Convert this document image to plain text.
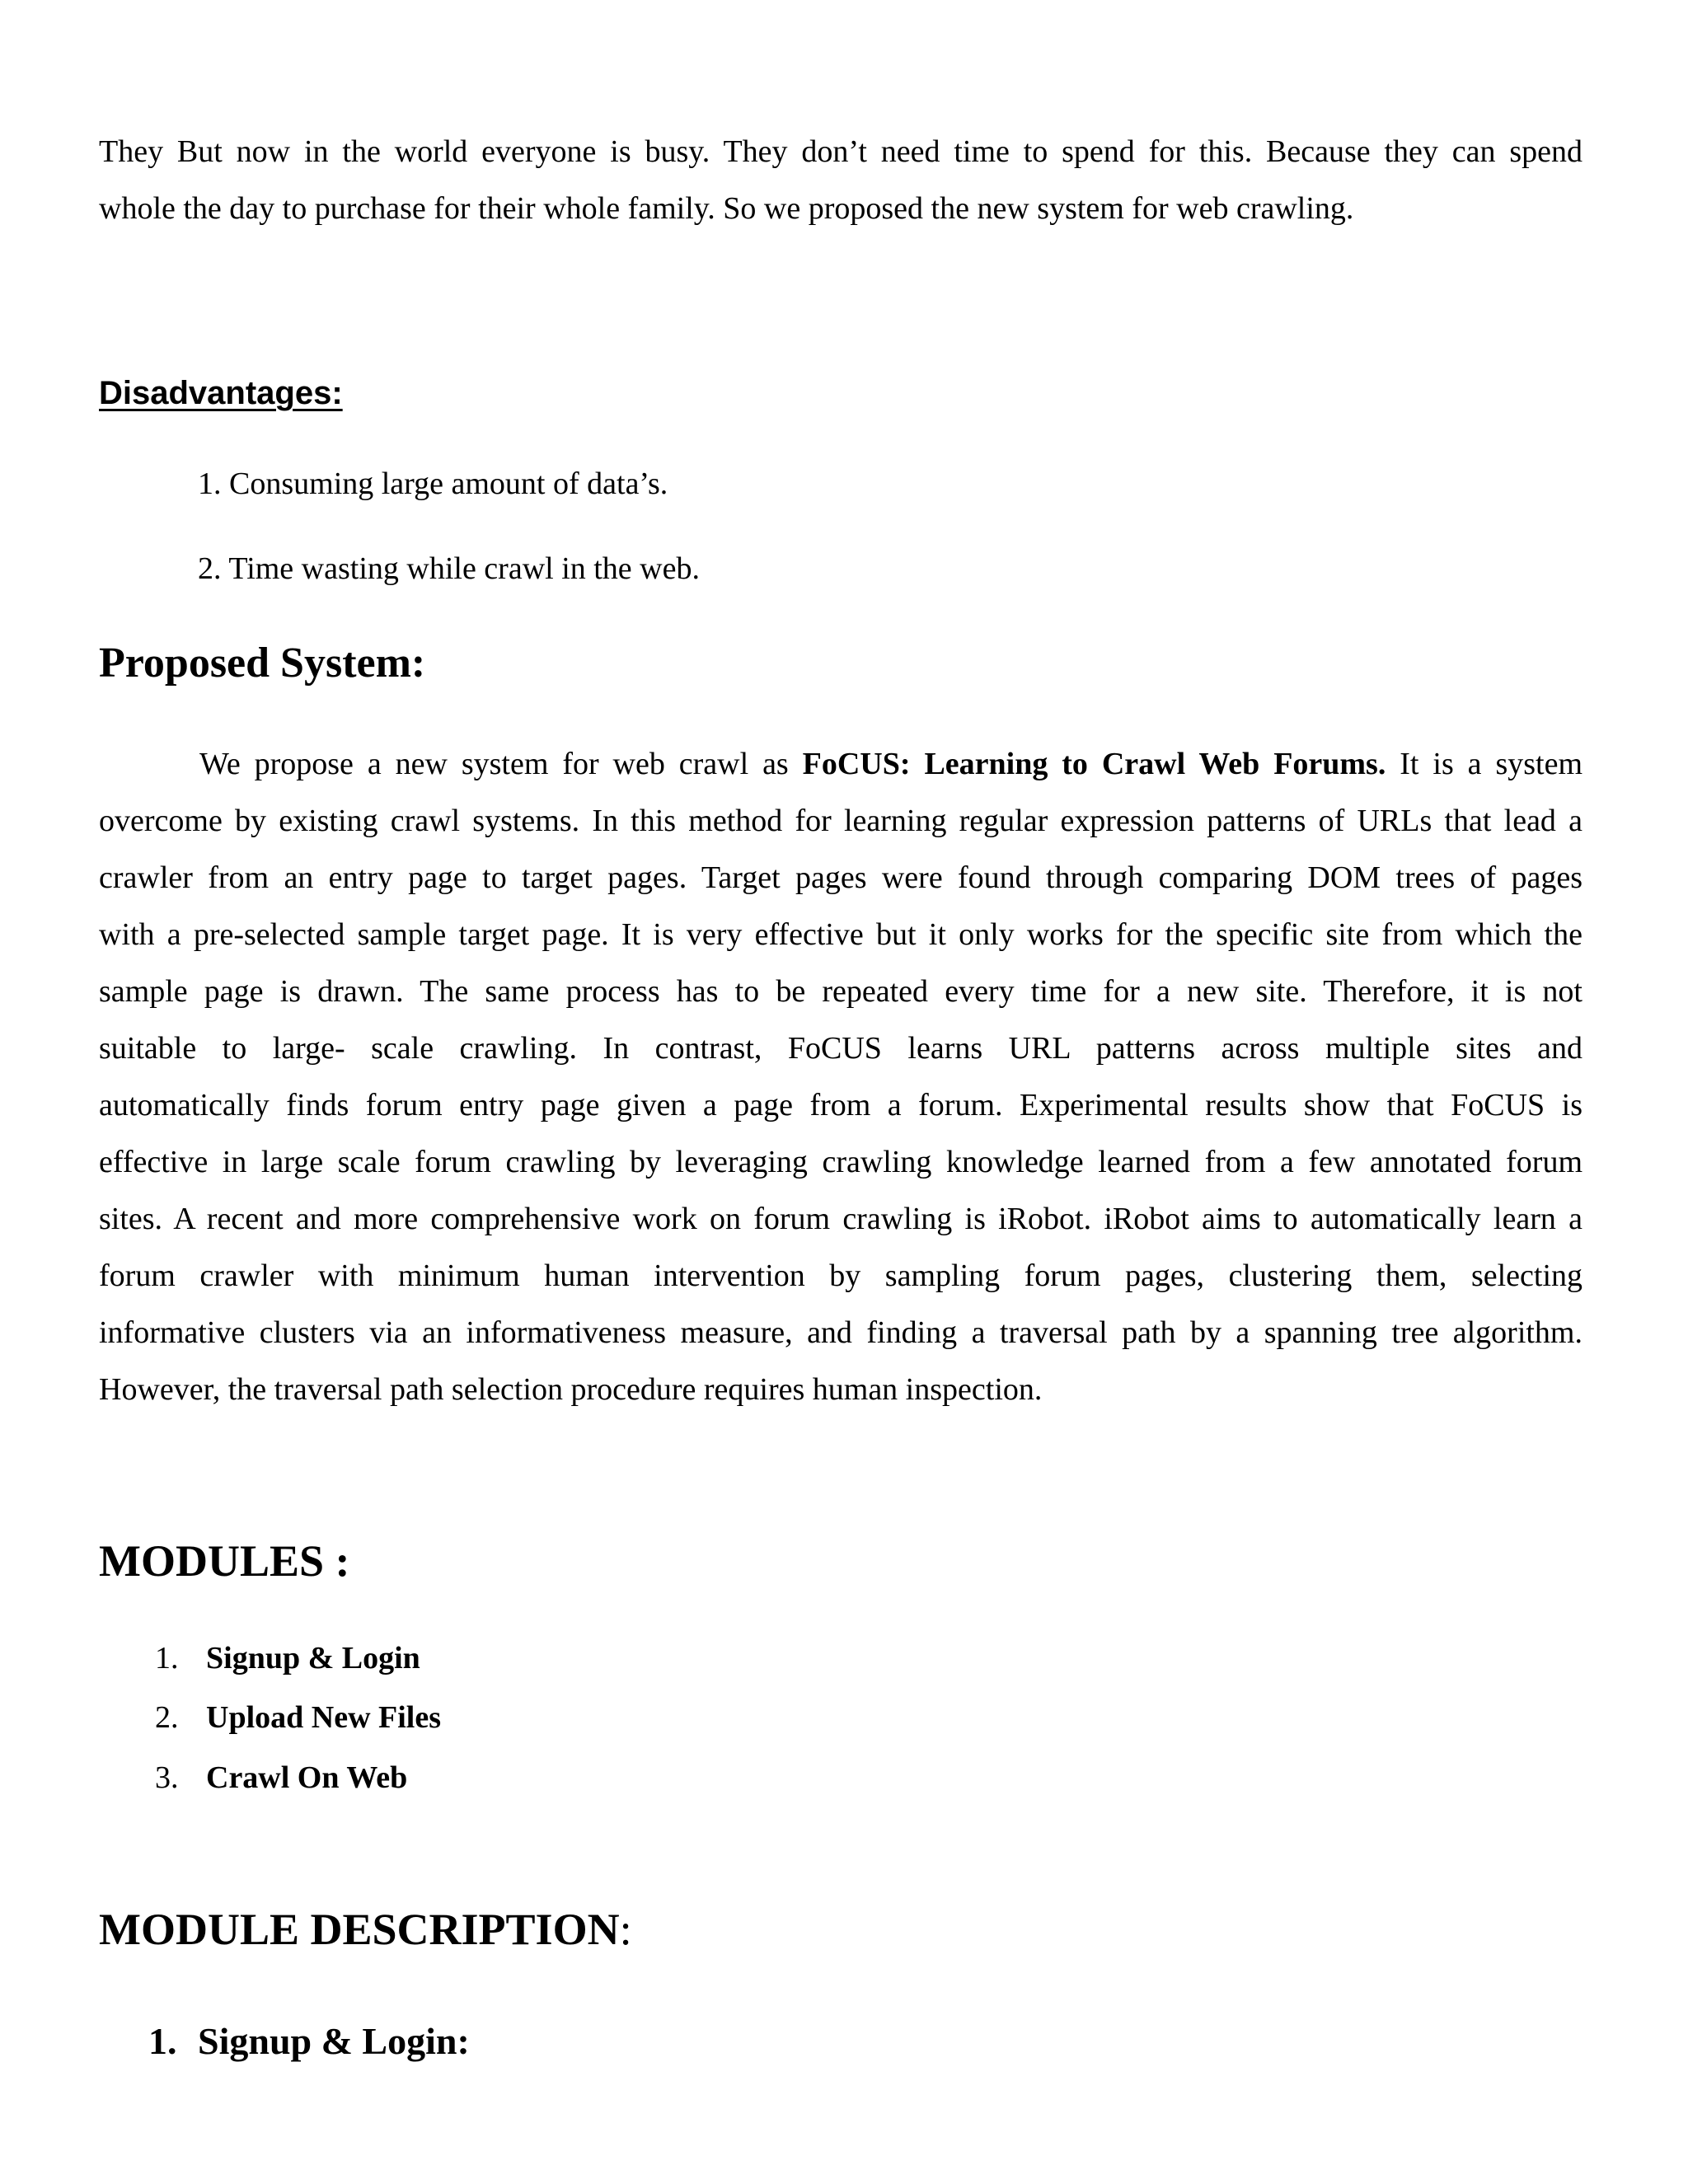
They But now in the world everyone is busy. They don’t need time to spend for this. Because they can spend
whole the day to purchase for their whole family. So we proposed the new system for web crawling.
Disadvantages:
1. Consuming large amount of data’s.
2. Time wasting while crawl in the web.
Proposed System:
We propose a new system for web crawl as FoCUS: Learning to Crawl Web Forums. It is a system
overcome by existing crawl systems. In this method for learning regular expression patterns of URLs that lead a
crawler from an entry page to target pages. Target pages were found through comparing DOM trees of pages
with a pre-selected sample target page. It is very effective but it only works for the specific site from which the
sample page is drawn. The same process has to be repeated every time for a new site. Therefore, it is not
suitable to large- scale crawling. In contrast, FoCUS learns URL patterns across multiple sites and
automatically finds forum entry page given a page from a forum. Experimental results show that FoCUS is
effective in large scale forum crawling by leveraging crawling knowledge learned from a few annotated forum
sites. A recent and more comprehensive work on forum crawling is iRobot. iRobot aims to automatically learn a
forum crawler with minimum human intervention by sampling forum pages, clustering them, selecting
informative clusters via an informativeness measure, and finding a traversal path by a spanning tree algorithm.
However, the traversal path selection procedure requires human inspection.
MODULES :
1. Signup & Login
2. Upload New Files
3. Crawl On Web
MODULE DESCRIPTION:
1. Signup & Login:
